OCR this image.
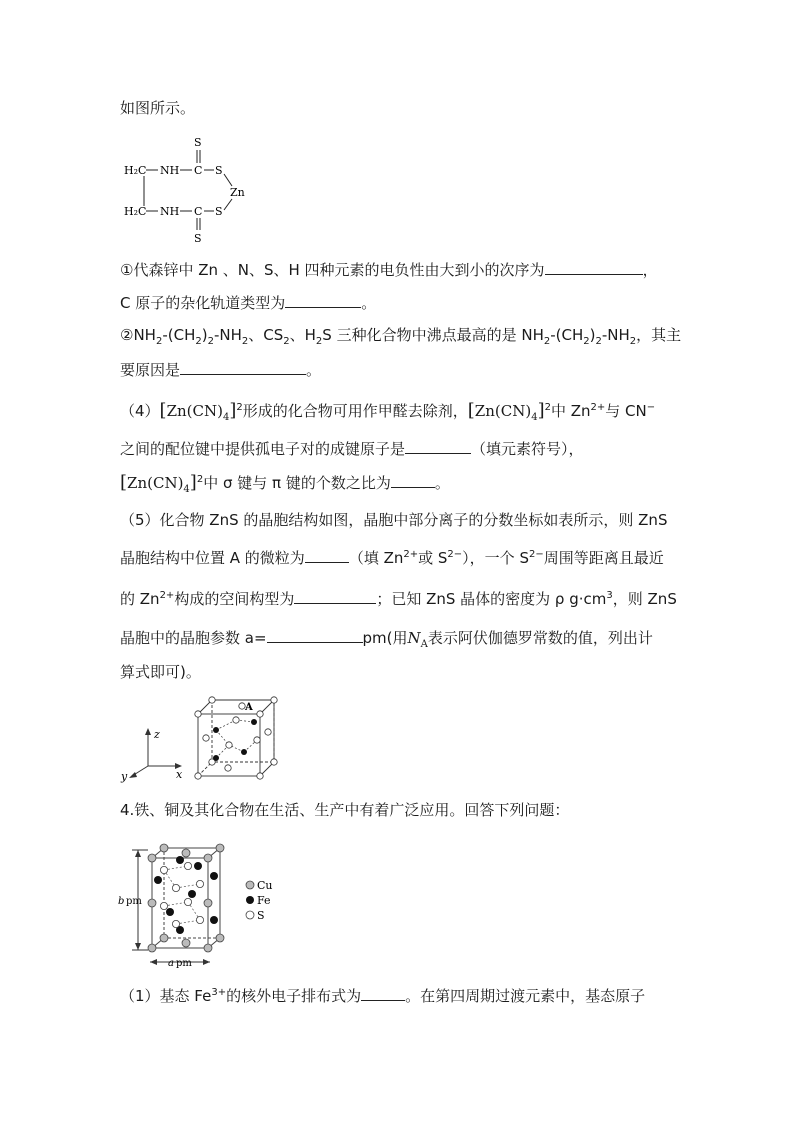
如图所示。
S
H₂C NH C S
Zn
H₂C NH C S
S
①代森锌中 Zn 、N、S、H 四种元素的电负性由大到小的次序为	，
C 原子的杂化轨道类型为	。
$②NH_2-(CH_2)_2-NH_2$、$CS_2$、$H_2S$ 三种化合物中沸点最高的是 $NH_2-(CH_2)_2-NH_2$，其主
要原因是	。
$(4)[Zn(CN)_4]^2$形成的化合物可用作甲醛去除剂，$[Zn(CN)_4]^2$中 $Zn^{2+}$与 CN−
之间的配位键中提供孤电子对的成键原子是	（填元素符号），
$[Zn(CN)_4]^2$中 σ 键与 π 键的个数之比为	。
（5）化合物 ZnS 的晶胞结构如图，晶胞中部分离子的分数坐标如表所示，则 ZnS
晶胞结构中位置 A 的微粒为	（填 $Zn^{2+}$或 $S^{2-}$），一个 $S^{2-}$周围等距离且最近
的 $Zn^{2+}$构成的空间构型为	；已知 ZnS 晶体的密度为 ρ $g\cdot cm^3$，则 ZnS
晶胞中的晶胞参数 a=	pm(用$N_A$表示阿伏伽德罗常数的值，列出计
算式即可)。
z
x
y
A
4.铁、铜及其化合物在生活、生产中有着广泛应用。回答下列问题：
b pm
a pm
Cu
Fe
S
（1）基态 $Fe^{3+}$的核外电子排布式为	。在第四周期过渡元素中，基态原子
